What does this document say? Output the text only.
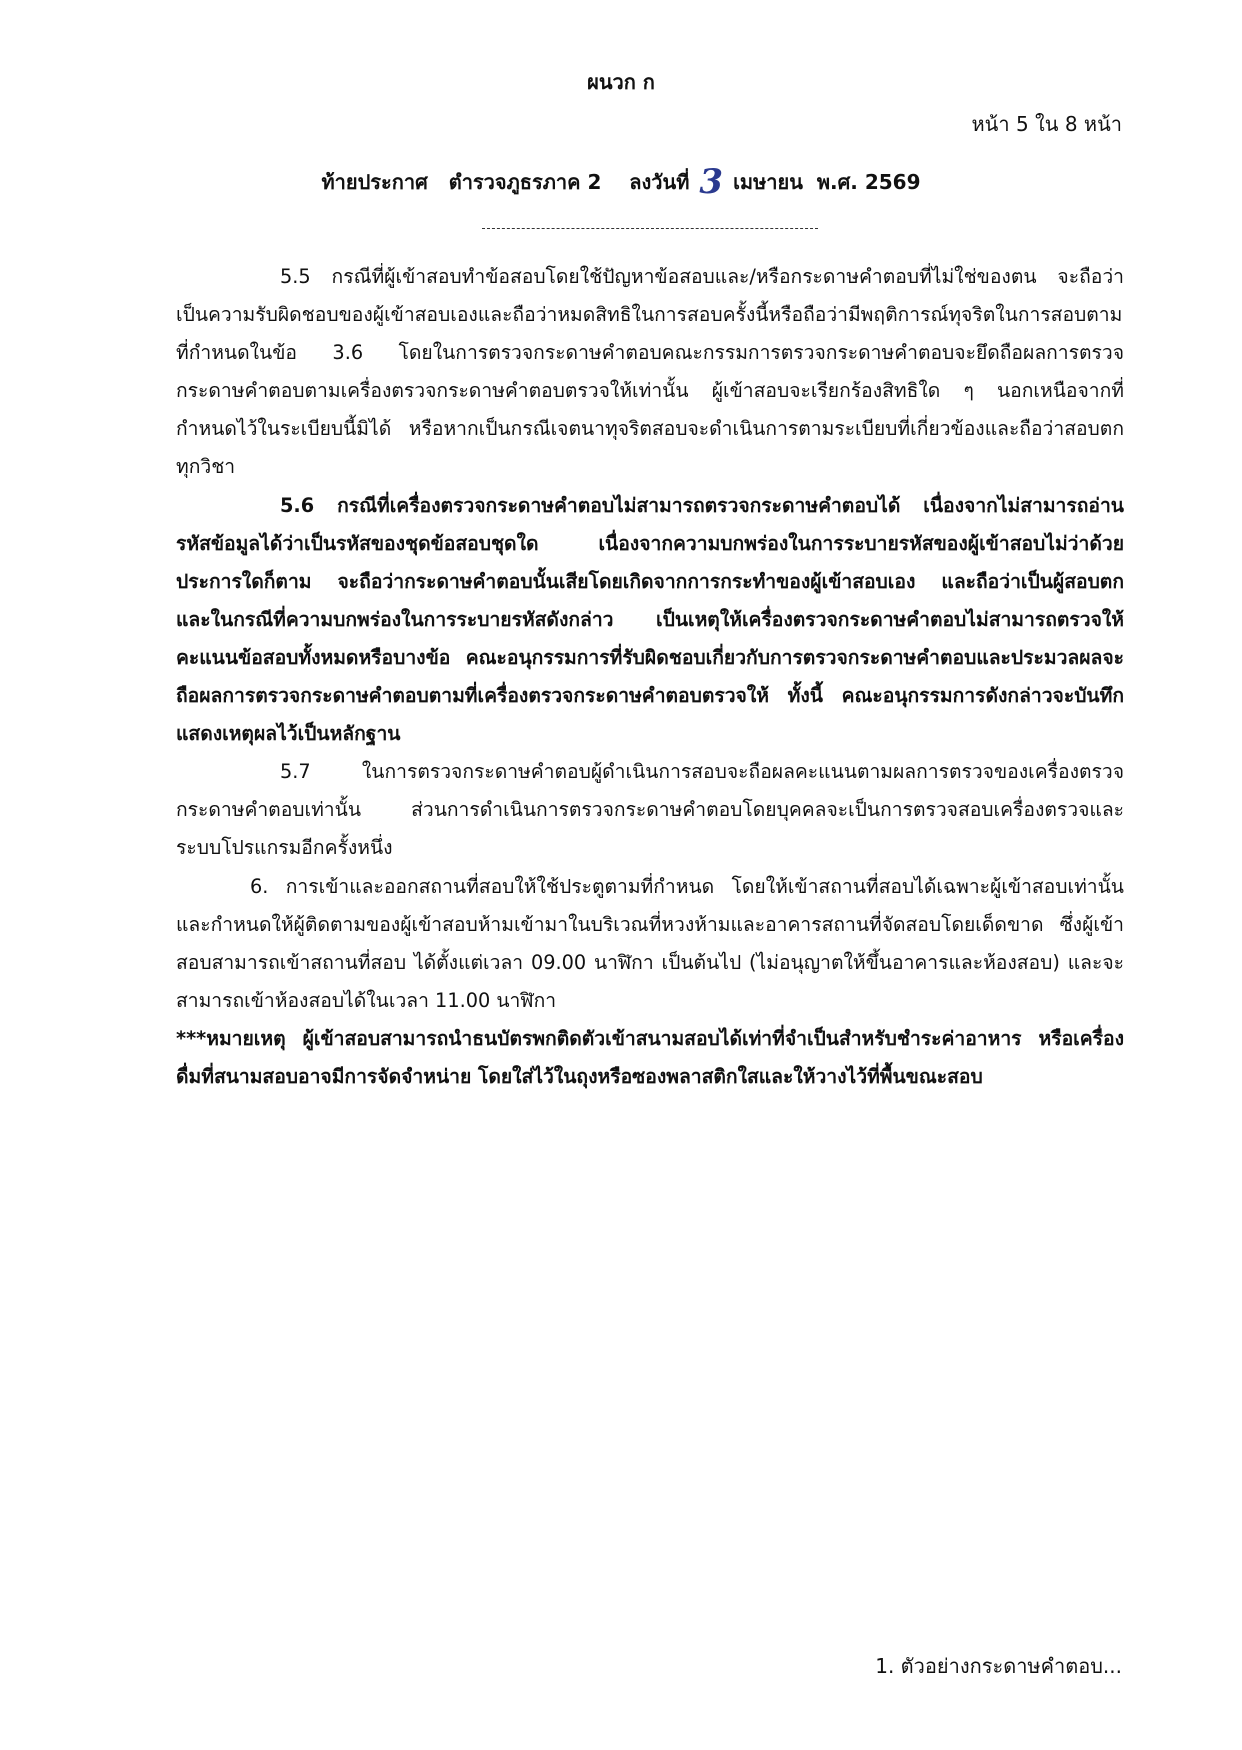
ผนวก ก
หน้า 5 ใน 8 หน้า
ท้ายประกาศ   ตำรวจภูธรภาค 2    ลงวันที่ 3 เมษายน  พ.ศ. 2569

5.5 กรณีที่ผู้เข้าสอบทำข้อสอบโดยใช้ปัญหาข้อสอบและ/หรือกระดาษคำตอบที่ไม่ใช่ของตน จะถือว่าเป็นความรับผิดชอบของผู้เข้าสอบเองและถือว่าหมดสิทธิในการสอบครั้งนี้หรือถือว่ามีพฤติการณ์ทุจริตในการสอบตามที่กำหนดในข้อ 3.6 โดยในการตรวจกระดาษคำตอบคณะกรรมการตรวจกระดาษคำตอบจะยึดถือผลการตรวจกระดาษคำตอบตามเครื่องตรวจกระดาษคำตอบตรวจให้เท่านั้น ผู้เข้าสอบจะเรียกร้องสิทธิใด ๆ นอกเหนือจากที่กำหนดไว้ในระเบียบนี้มิได้ หรือหากเป็นกรณีเจตนาทุจริตสอบจะดำเนินการตามระเบียบที่เกี่ยวข้องและถือว่าสอบตกทุกวิชา

5.6 กรณีที่เครื่องตรวจกระดาษคำตอบไม่สามารถตรวจกระดาษคำตอบได้ เนื่องจากไม่สามารถอ่านรหัสข้อมูลได้ว่าเป็นรหัสของชุดข้อสอบชุดใด เนื่องจากความบกพร่องในการระบายรหัสของผู้เข้าสอบไม่ว่าด้วยประการใดก็ตาม จะถือว่ากระดาษคำตอบนั้นเสียโดยเกิดจากการกระทำของผู้เข้าสอบเอง และถือว่าเป็นผู้สอบตก และในกรณีที่ความบกพร่องในการระบายรหัสดังกล่าว เป็นเหตุให้เครื่องตรวจกระดาษคำตอบไม่สามารถตรวจให้คะแนนข้อสอบทั้งหมดหรือบางข้อ คณะอนุกรรมการที่รับผิดชอบเกี่ยวกับการตรวจกระดาษคำตอบและประมวลผลจะถือผลการตรวจกระดาษคำตอบตามที่เครื่องตรวจกระดาษคำตอบตรวจให้ ทั้งนี้ คณะอนุกรรมการดังกล่าวจะบันทึกแสดงเหตุผลไว้เป็นหลักฐาน

5.7 ในการตรวจกระดาษคำตอบผู้ดำเนินการสอบจะถือผลคะแนนตามผลการตรวจของเครื่องตรวจกระดาษคำตอบเท่านั้น ส่วนการดำเนินการตรวจกระดาษคำตอบโดยบุคคลจะเป็นการตรวจสอบเครื่องตรวจและระบบโปรแกรมอีกครั้งหนึ่ง

6. การเข้าและออกสถานที่สอบให้ใช้ประตูตามที่กำหนด โดยให้เข้าสถานที่สอบได้เฉพาะผู้เข้าสอบเท่านั้น และกำหนดให้ผู้ติดตามของผู้เข้าสอบห้ามเข้ามาในบริเวณที่หวงห้ามและอาคารสถานที่จัดสอบโดยเด็ดขาด ซึ่งผู้เข้าสอบสามารถเข้าสถานที่สอบ ได้ตั้งแต่เวลา 09.00 นาฬิกา เป็นต้นไป (ไม่อนุญาตให้ขึ้นอาคารและห้องสอบ) และจะสามารถเข้าห้องสอบได้ในเวลา 11.00 นาฬิกา

***หมายเหตุ ผู้เข้าสอบสามารถนำธนบัตรพกติดตัวเข้าสนามสอบได้เท่าที่จำเป็นสำหรับชำระค่าอาหาร หรือเครื่องดื่มที่สนามสอบอาจมีการจัดจำหน่าย โดยใส่ไว้ในถุงหรือซองพลาสติกใสและให้วางไว้ที่พื้นขณะสอบ

1. ตัวอย่างกระดาษคำตอบ...
